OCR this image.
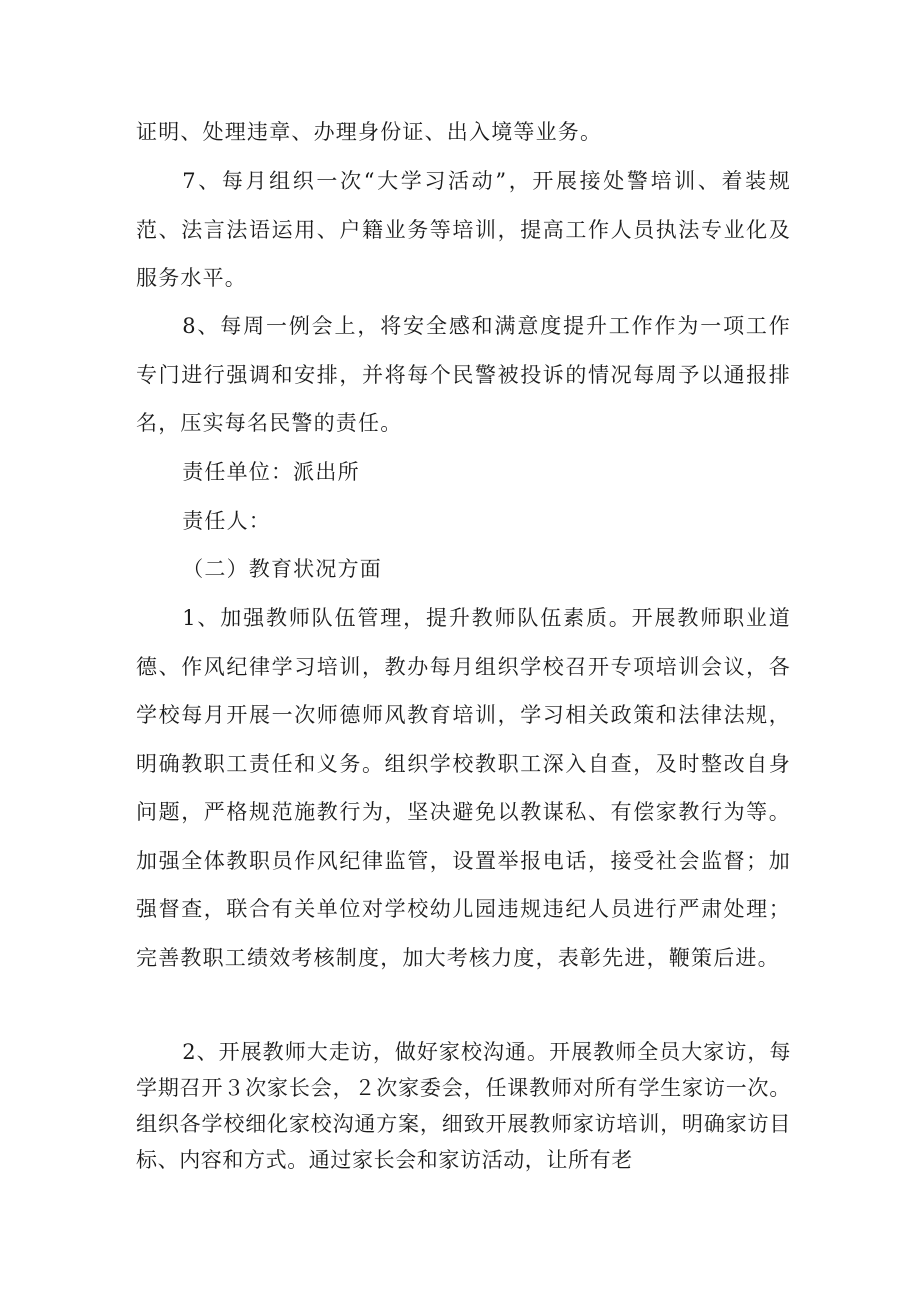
证明、处理违章、办理身份证、出入境等业务。

7、每月组织一次“大学习活动”，开展接处警培训、着装规范、法言法语运用、户籍业务等培训，提高工作人员执法专业化及服务水平。

8、每周一例会上，将安全感和满意度提升工作作为一项工作专门进行强调和安排，并将每个民警被投诉的情况每周予以通报排名，压实每名民警的责任。

责任单位：派出所

责任人：

（二）教育状况方面

1、加强教师队伍管理，提升教师队伍素质。开展教师职业道德、作风纪律学习培训，教办每月组织学校召开专项培训会议，各学校每月开展一次师德师风教育培训，学习相关政策和法律法规，明确教职工责任和义务。组织学校教职工深入自查，及时整改自身问题，严格规范施教行为，坚决避免以教谋私、有偿家教行为等。加强全体教职员作风纪律监管，设置举报电话，接受社会监督；加强督查，联合有关单位对学校幼儿园违规违纪人员进行严肃处理；完善教职工绩效考核制度，加大考核力度，表彰先进，鞭策后进。

2、开展教师大走访，做好家校沟通。开展教师全员大家访，每学期召开３次家长会，２次家委会，任课教师对所有学生家访一次。组织各学校细化家校沟通方案，细致开展教师家访培训，明确家访目标、内容和方式。通过家长会和家访活动，让所有老
